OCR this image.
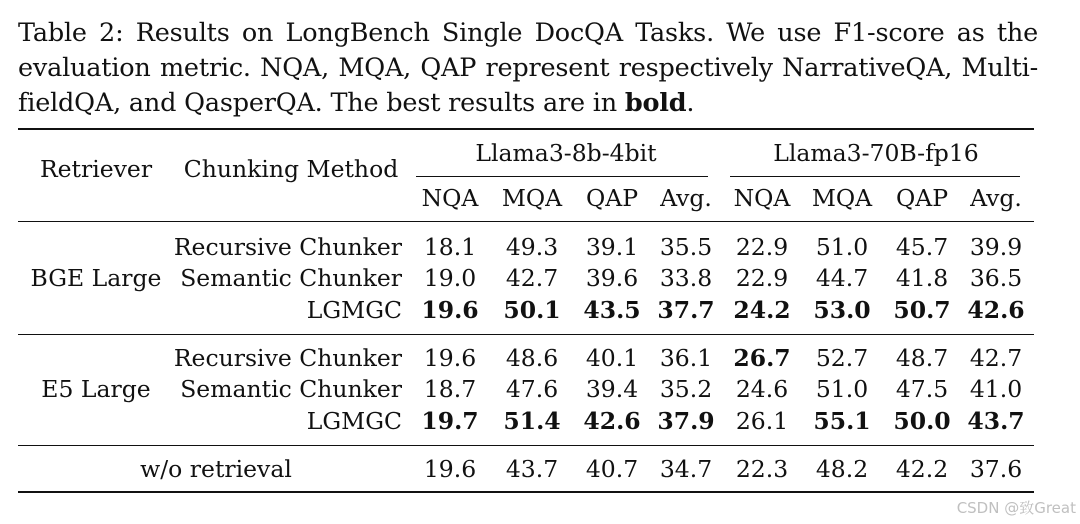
Table 2: Results on LongBench Single DocQA Tasks. We use F1-score as the evaluation metric. NQA, MQA, QAP represent respectively NarrativeQA, Multi-fieldQA, and QasperQA. The best results are in bold.
Retriever Chunking Method
Llama3-8b-4bit	Llama3-70B-fp16
NQA MQA QAP Avg. NQA MQA QAP Avg.
BGE Large
Recursive Chunker 18.1 49.3 39.1 35.5 22.9 51.0 45.7 39.9
Semantic Chunker 19.0 42.7 39.6 33.8 22.9 44.7 41.8 36.5
LGMGC 19.6 50.1 43.5 37.7 24.2 53.0 50.7 42.6
E5 Large
Recursive Chunker 19.6 48.6 40.1 36.1 26.7 52.7 48.7 42.7
Semantic Chunker 18.7 47.6 39.4 35.2 24.6 51.0 47.5 41.0
LGMGC 19.7 51.4 42.6 37.9 26.1 55.1 50.0 43.7
w/o retrieval	19.6 43.7 40.7 34.7 22.3 48.2 42.2 37.6
CSDN @致Great
